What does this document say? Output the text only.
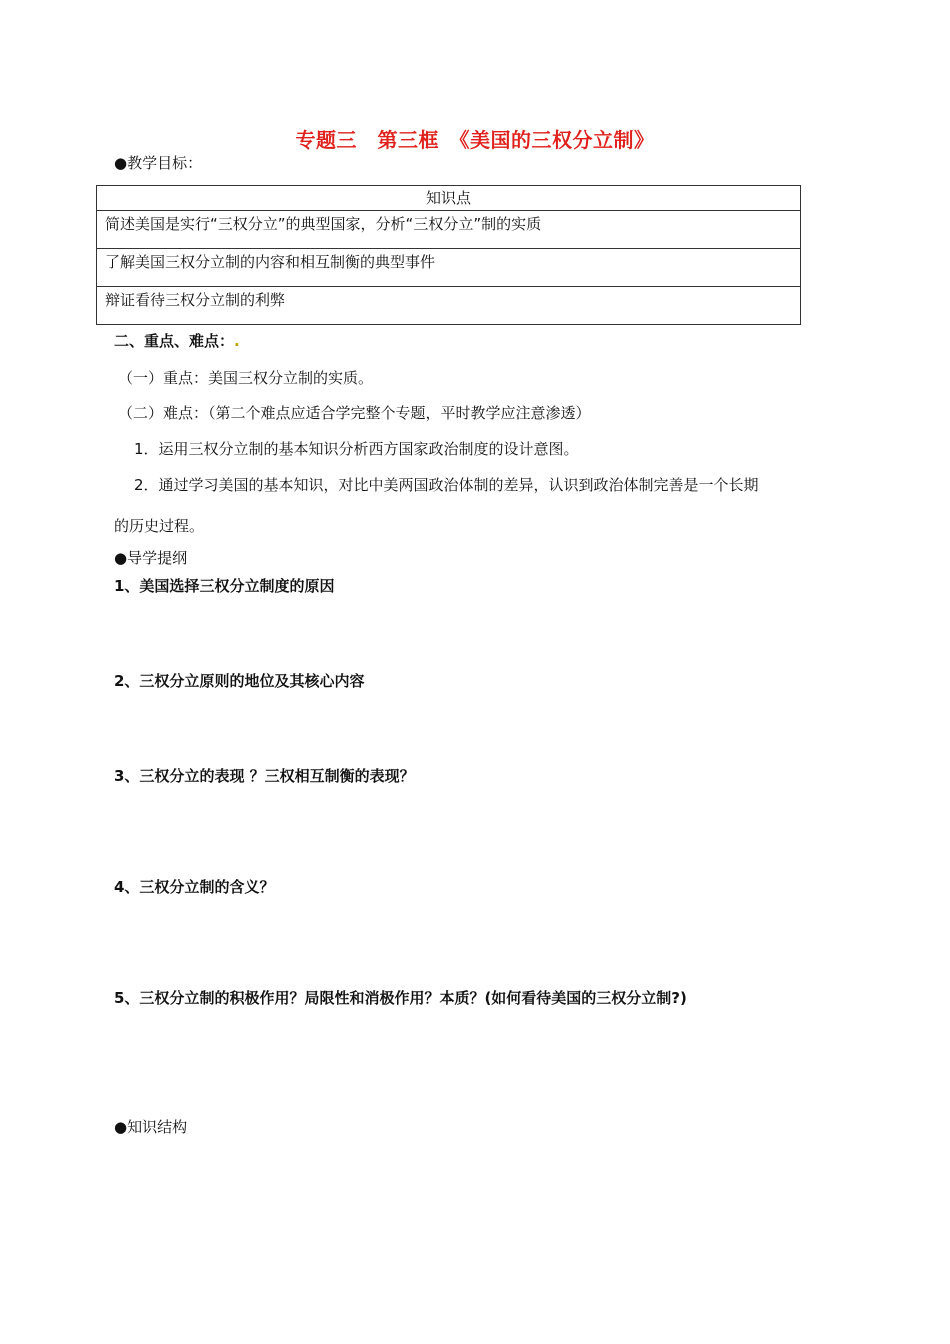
专题三　第三框　《美国的三权分立制》
●教学目标：
知识点
简述美国是实行“三权分立”的典型国家，分析“三权分立”制的实质
了解美国三权分立制的内容和相互制衡的典型事件
辩证看待三权分立制的利弊
二、重点、难点：.
（一）重点：美国三权分立制的实质。
（二）难点：（第二个难点应适合学完整个专题，平时教学应注意渗透）
1．运用三权分立制的基本知识分析西方国家政治制度的设计意图。
2．通过学习美国的基本知识，对比中美两国政治体制的差异，认识到政治体制完善是一个长期
的历史过程。
●导学提纲
1、美国选择三权分立制度的原因
2、三权分立原则的地位及其核心内容
3、三权分立的表现 ？三权相互制衡的表现？
4、三权分立制的含义？
5、三权分立制的积极作用？局限性和消极作用？本质？(如何看待美国的三权分立制?)
●知识结构
